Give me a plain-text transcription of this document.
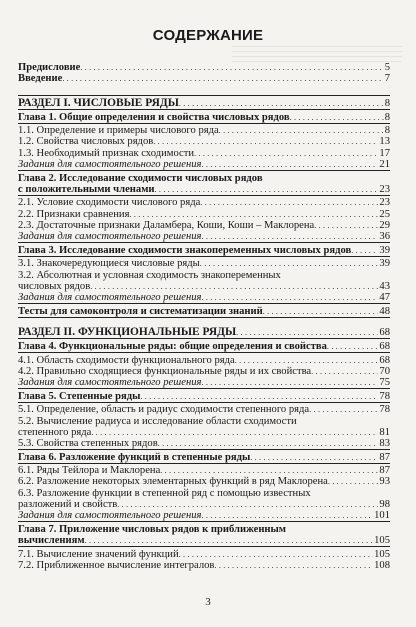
СОДЕРЖАНИЕ
Предисловие . . .	5
Введение . . .	7
РАЗДЕЛ I. ЧИСЛОВЫЕ РЯДЫ . . .	8
Глава 1. Общие определения и свойства числовых рядов . . .	8
1.1. Определение и примеры числового ряда . . .	8
1.2. Свойства числовых рядов . . .	13
1.3. Необходимый признак сходимости . . .	17
Задания для самостоятельного решения . . .	21
Глава 2. Исследование сходимости числовых рядов
с положительными членами . . .	23
2.1. Условие сходимости числового ряда . . .	23
2.2. Признаки сравнения . . .	25
2.3. Достаточные признаки Даламбера, Коши, Коши – Маклорена . . .	29
Задания для самостоятельного решения . . .	36
Глава 3. Исследование сходимости знакопеременных числовых рядов . . .	39
3.1. Знакочередующиеся числовые ряды . . .	39
3.2. Абсолютная и условная сходимость знакопеременных
числовых рядов . . .	43
Задания для самостоятельного решения . . .	47
Тесты для самоконтроля и систематизации знаний . . .	48
РАЗДЕЛ II. ФУНКЦИОНАЛЬНЫЕ РЯДЫ . . .	68
Глава 4. Функциональные ряды: общие определения и свойства . . .	68
4.1. Область сходимости функционального ряда . . .	68
4.2. Правильно сходящиеся функциональные ряды и их свойства . . .	70
Задания для самостоятельного решения . . .	75
Глава 5. Степенные ряды . . .	78
5.1. Определение, область и радиус сходимости степенного ряда . . .	78
5.2. Вычисление радиуса и исследование области сходимости
степенного ряда . . .	81
5.3. Свойства степенных рядов . . .	83
Глава 6. Разложение функций в степенные ряды . . .	87
6.1. Ряды Тейлора и Маклорена . . .	87
6.2. Разложение некоторых элементарных функций в ряд Маклорена . . .	93
6.3. Разложение функции в степенной ряд с помощью известных
разложений и свойств . . .	98
Задания для самостоятельного решения . . .	101
Глава 7. Приложение числовых рядов к приближенным
вычислениям . . .	105
7.1. Вычисление значений функций . . .	105
7.2. Приближенное вычисление интегралов . . .	108
3
